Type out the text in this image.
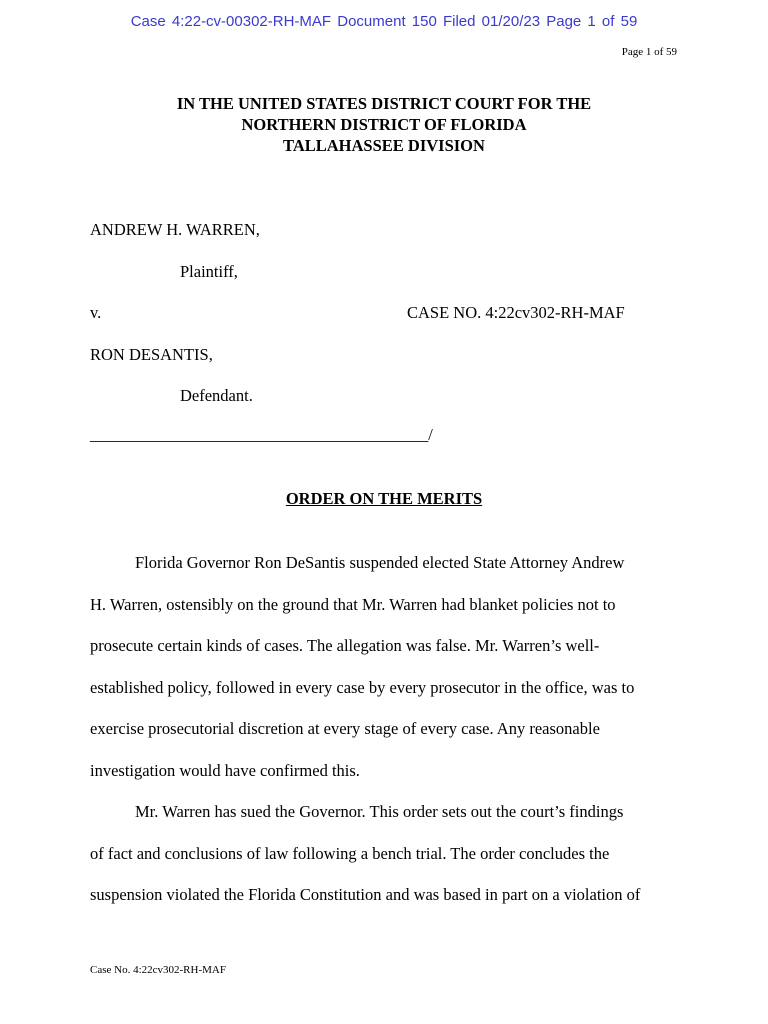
Case 4:22-cv-00302-RH-MAF Document 150 Filed 01/20/23 Page 1 of 59
Page 1 of 59
IN THE UNITED STATES DISTRICT COURT FOR THE
NORTHERN DISTRICT OF FLORIDA
TALLAHASSEE DIVISION
ANDREW H. WARREN,
Plaintiff,
v.	CASE NO. 4:22cv302-RH-MAF
RON DESANTIS,
Defendant.
_________________________________________/
ORDER ON THE MERITS
Florida Governor Ron DeSantis suspended elected State Attorney Andrew
H. Warren, ostensibly on the ground that Mr. Warren had blanket policies not to
prosecute certain kinds of cases. The allegation was false. Mr. Warren’s well-
established policy, followed in every case by every prosecutor in the office, was to
exercise prosecutorial discretion at every stage of every case. Any reasonable
investigation would have confirmed this.
Mr. Warren has sued the Governor. This order sets out the court’s findings
of fact and conclusions of law following a bench trial. The order concludes the
suspension violated the Florida Constitution and was based in part on a violation of
Case No. 4:22cv302-RH-MAF
